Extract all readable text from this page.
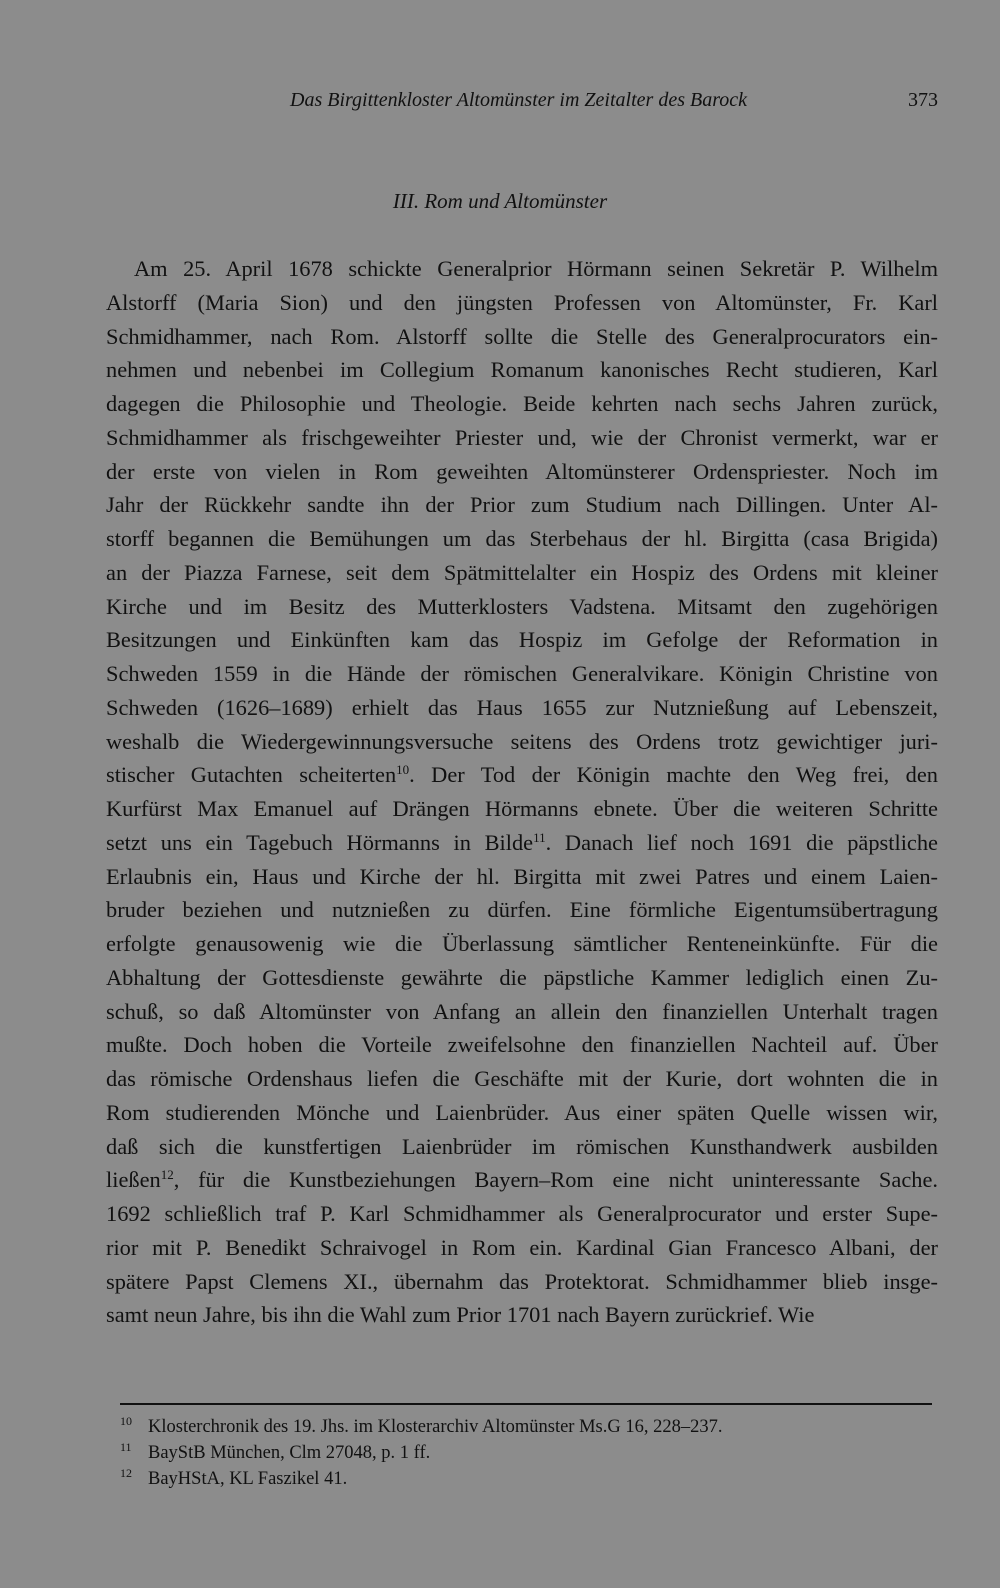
Das Birgittenkloster Altomünster im Zeitalter des Barock	373
III. Rom und Altomünster
Am 25. April 1678 schickte Generalprior Hörmann seinen Sekretär P. Wilhelm
Alstorff (Maria Sion) und den jüngsten Professen von Altomünster, Fr. Karl
Schmidhammer, nach Rom. Alstorff sollte die Stelle des Generalprocurators ein-
nehmen und nebenbei im Collegium Romanum kanonisches Recht studieren, Karl
dagegen die Philosophie und Theologie. Beide kehrten nach sechs Jahren zurück,
Schmidhammer als frischgeweihter Priester und, wie der Chronist vermerkt, war er
der erste von vielen in Rom geweihten Altomünsterer Ordenspriester. Noch im
Jahr der Rückkehr sandte ihn der Prior zum Studium nach Dillingen. Unter Al-
storff begannen die Bemühungen um das Sterbehaus der hl. Birgitta (casa Brigida)
an der Piazza Farnese, seit dem Spätmittelalter ein Hospiz des Ordens mit kleiner
Kirche und im Besitz des Mutterklosters Vadstena. Mitsamt den zugehörigen
Besitzungen und Einkünften kam das Hospiz im Gefolge der Reformation in
Schweden 1559 in die Hände der römischen Generalvikare. Königin Christine von
Schweden (1626–1689) erhielt das Haus 1655 zur Nutznießung auf Lebenszeit,
weshalb die Wiedergewinnungsversuche seitens des Ordens trotz gewichtiger juri-
stischer Gutachten scheiterten$^{10}$. Der Tod der Königin machte den Weg frei, den
Kurfürst Max Emanuel auf Drängen Hörmanns ebnete. Über die weiteren Schritte
setzt uns ein Tagebuch Hörmanns in Bilde$^{11}$. Danach lief noch 1691 die päpstliche
Erlaubnis ein, Haus und Kirche der hl. Birgitta mit zwei Patres und einem Laien-
bruder beziehen und nutznießen zu dürfen. Eine förmliche Eigentumsübertragung
erfolgte genausowenig wie die Überlassung sämtlicher Renteneinkünfte. Für die
Abhaltung der Gottesdienste gewährte die päpstliche Kammer lediglich einen Zu-
schuß, so daß Altomünster von Anfang an allein den finanziellen Unterhalt tragen
mußte. Doch hoben die Vorteile zweifelsohne den finanziellen Nachteil auf. Über
das römische Ordenshaus liefen die Geschäfte mit der Kurie, dort wohnten die in
Rom studierenden Mönche und Laienbrüder. Aus einer späten Quelle wissen wir,
daß sich die kunstfertigen Laienbrüder im römischen Kunsthandwerk ausbilden
ließen$^{12}$, für die Kunstbeziehungen Bayern–Rom eine nicht uninteressante Sache.
1692 schließlich traf P. Karl Schmidhammer als Generalprocurator und erster Supe-
rior mit P. Benedikt Schraivogel in Rom ein. Kardinal Gian Francesco Albani, der
spätere Papst Clemens XI., übernahm das Protektorat. Schmidhammer blieb insge-
samt neun Jahre, bis ihn die Wahl zum Prior 1701 nach Bayern zurückrief. Wie
10 Klosterchronik des 19. Jhs. im Klosterarchiv Altomünster Ms.G 16, 228–237.
11 BayStB München, Clm 27048, p. 1 ff.
12 BayHStA, KL Faszikel 41.
